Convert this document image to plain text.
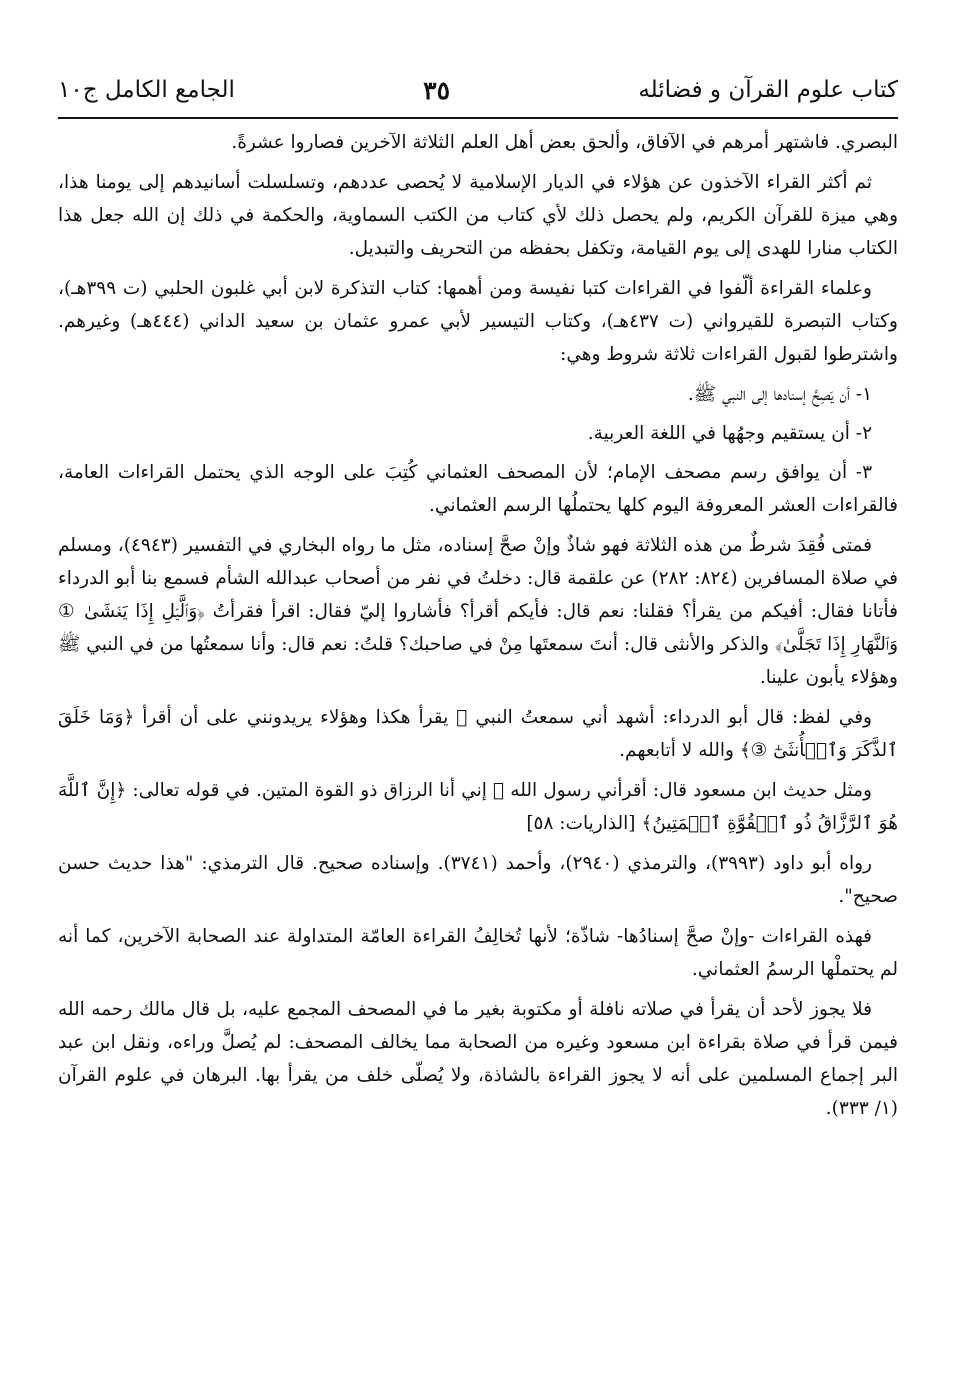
كتاب علوم القرآن و فضائله
٣٥
الجامع الكامل ج١٠

البصري. فاشتهر أمرهم في الآفاق، وألحق بعض أهل العلم الثلاثة الآخرين فصاروا عشرةً.

ثم أكثر القراء الآخذون عن هؤلاء في الديار الإسلامية لا يُحصى عددهم، وتسلسلت أسانيدهم إلى يومنا هذا، وهي ميزة للقرآن الكريم، ولم يحصل ذلك لأي كتاب من الكتب السماوية، والحكمة في ذلك إن الله جعل هذا الكتاب منارا للهدى إلى يوم القيامة، وتكفل بحفظه من التحريف والتبديل.

وعلماء القراءة ألّفوا في القراءات كتبا نفيسة ومن أهمها: كتاب التذكرة لابن أبي غلبون الحلبي (ت ٣٩٩هـ)، وكتاب التبصرة للقيرواني (ت ٤٣٧هـ)، وكتاب التيسير لأبي عمرو عثمان بن سعيد الداني (٤٤٤هـ) وغيرهم. واشترطوا لقبول القراءات ثلاثة شروط وهي:

١- أن يَصِحَّ إسنادها إلى النبي ﷺ.

٢- أن يستقيم وجهُها في اللغة العربية.

٣- أن يوافق رسم مصحف الإمام؛ لأن المصحف العثماني كُتِبَ على الوجه الذي يحتمل القراءات العامة، فالقراءات العشر المعروفة اليوم كلها يحتملُها الرسم العثماني.

فمتى فُقِدَ شرطٌ من هذه الثلاثة فهو شاذٌ وإنْ صحَّ إسناده، مثل ما رواه البخاري في التفسير (٤٩٤٣)، ومسلم في صلاة المسافرين (٨٢٤: ٢٨٢) عن علقمة قال: دخلتُ في نفر من أصحاب عبدالله الشأم فسمع بنا أبو الدرداء فأتانا فقال: أفيكم من يقرأ؟ فقلنا: نعم قال: فأيكم أقرأ؟ فأشاروا إليّ فقال: اقرأ فقرأتُ ﴿وَٱلَّيۡلِ إِذَا يَغۡشَىٰ ① وَٱلنَّهَارِ إِذَا تَجَلَّىٰ﴾ والذكر والأنثى قال: أنتَ سمعتَها مِنْ في صاحبك؟ قلتُ: نعم قال: وأنا سمعتُها من في النبي ﷺ وهؤلاء يأبون علينا.

وفي لفظ: قال أبو الدرداء: أشهد أني سمعتُ النبي ﷺ يقرأ هكذا وهؤلاء يريدونني على أن أقرأ ﴿وَمَا خَلَقَ ٱلذَّكَرَ وَٱلۡأُنثَىٰٓ ③﴾ والله لا أتابعهم.

ومثل حديث ابن مسعود قال: أقرأني رسول الله ﷺ إني أنا الرزاق ذو القوة المتين. في قوله تعالى: ﴿إِنَّ ٱللَّهَ هُوَ ٱلرَّزَّاقُ ذُو ٱلۡقُوَّةِ ٱلۡمَتِينُ﴾ [الذاريات: ٥٨]

رواه أبو داود (٣٩٩٣)، والترمذي (٢٩٤٠)، وأحمد (٣٧٤١). وإسناده صحيح. قال الترمذي: "هذا حديث حسن صحيح".

فهذه القراءات -وإنْ صحَّ إسنادُها- شاذّة؛ لأنها تُخالِفُ القراءة العامّة المتداولة عند الصحابة الآخرين، كما أنه لم يحتملْها الرسمُ العثماني.

فلا يجوز لأحد أن يقرأ في صلاته نافلة أو مكتوبة بغير ما في المصحف المجمع عليه، بل قال مالك رحمه الله فيمن قرأ في صلاة بقراءة ابن مسعود وغيره من الصحابة مما يخالف المصحف: لم يُصلَّ وراءه، ونقل ابن عبد البر إجماع المسلمين على أنه لا يجوز القراءة بالشاذة، ولا يُصلّى خلف من يقرأ بها. البرهان في علوم القرآن (١/ ٣٣٣).
